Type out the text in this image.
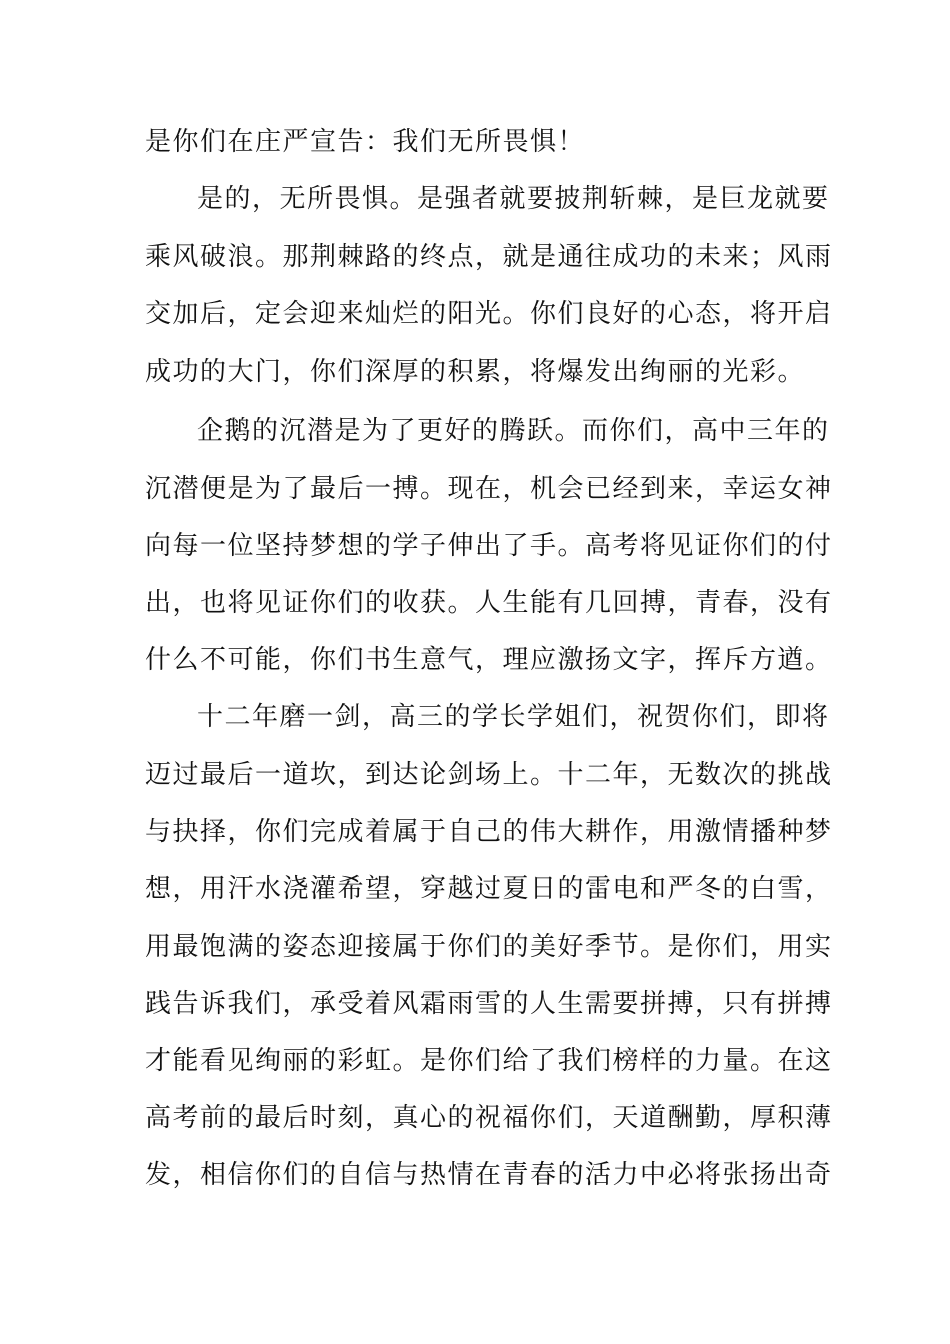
是你们在庄严宣告：我们无所畏惧！
是的，无所畏惧。是强者就要披荆斩棘，是巨龙就要
乘风破浪。那荆棘路的终点，就是通往成功的未来；风雨
交加后，定会迎来灿烂的阳光。你们良好的心态，将开启
成功的大门，你们深厚的积累，将爆发出绚丽的光彩。
企鹅的沉潜是为了更好的腾跃。而你们，高中三年的
沉潜便是为了最后一搏。现在，机会已经到来，幸运女神
向每一位坚持梦想的学子伸出了手。高考将见证你们的付
出，也将见证你们的收获。人生能有几回搏，青春，没有
什么不可能，你们书生意气，理应激扬文字，挥斥方遒。
十二年磨一剑，高三的学长学姐们，祝贺你们，即将
迈过最后一道坎，到达论剑场上。十二年，无数次的挑战
与抉择，你们完成着属于自己的伟大耕作，用激情播种梦
想，用汗水浇灌希望，穿越过夏日的雷电和严冬的白雪，
用最饱满的姿态迎接属于你们的美好季节。是你们，用实
践告诉我们，承受着风霜雨雪的人生需要拼搏，只有拼搏
才能看见绚丽的彩虹。是你们给了我们榜样的力量。在这
高考前的最后时刻，真心的祝福你们，天道酬勤，厚积薄
发，相信你们的自信与热情在青春的活力中必将张扬出奇
